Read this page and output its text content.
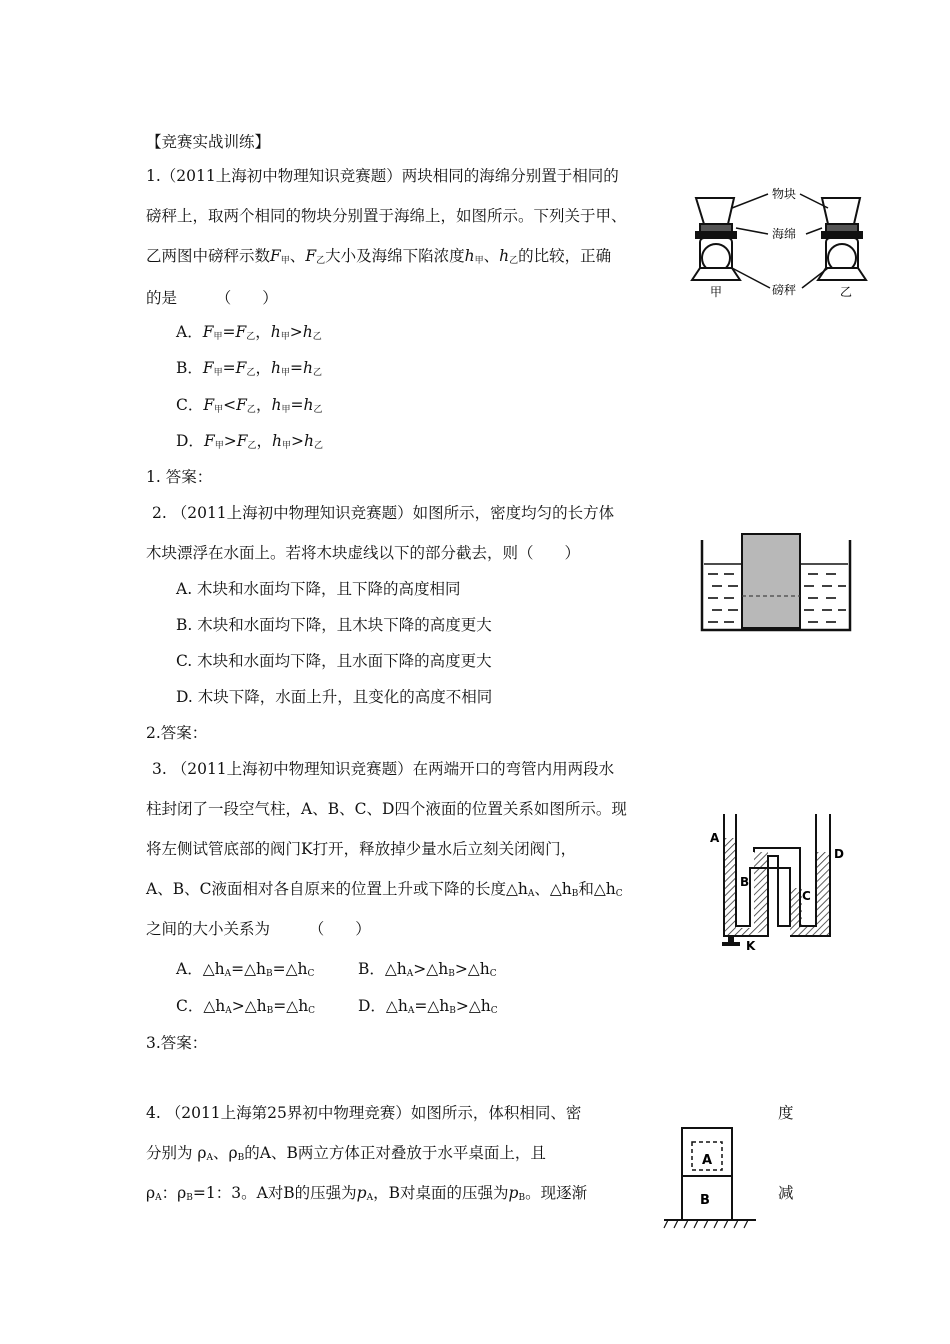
【竞赛实战训练】
1.（2011上海初中物理知识竞赛题）两块相同的海绵分别置于相同的
磅秤上，取两个相同的物块分别置于海绵上，如图所示。下列关于甲、
乙两图中磅秤示数$F_甲$、$F_乙$大小及海绵下陷浓度$h_甲$、$h_乙$的比较，正确
的是　　　（　　）
A．$F_甲=F_乙$，$h_甲>h_乙$
B．$F_甲=F_乙$，$h_甲=h_乙$
C．$F_甲<F_乙$，$h_甲=h_乙$
D．$F_甲>F_乙$，$h_甲>h_乙$
1. 答案：
物块
海绵
磅秤
甲	乙
2. （2011上海初中物理知识竞赛题）如图所示，密度均匀的长方体
木块漂浮在水面上。若将木块虚线以下的部分截去，则（　　）
A. 木块和水面均下降，且下降的高度相同
B. 木块和水面均下降，且木块下降的高度更大
C. 木块和水面均下降，且水面下降的高度更大
D. 木块下降，水面上升，且变化的高度不相同
2.答案：
3. （2011上海初中物理知识竞赛题）在两端开口的弯管内用两段水
柱封闭了一段空气柱，A、B、C、D四个液面的位置关系如图所示。现
将左侧试管底部的阀门K打开，释放掉少量水后立刻关闭阀门，
A、B、C液面相对各自原来的位置上升或下降的长度$\triangle h_A$、$\triangle h_B$和$\triangle h_C$
之间的大小关系为　　　（　　）
A．$\triangle h_A=\triangle h_B=\triangle h_C$	B．$\triangle h_A>\triangle h_B>\triangle h_C$
C．$\triangle h_A>\triangle h_B=\triangle h_C$	D．$\triangle h_A=\triangle h_B>\triangle h_C$
3.答案：
A
B
C
D
K
4. （2011上海第25界初中物理竞赛）如图所示，体积相同、密	度
分别为 $\rho_A$、$\rho_B$的A、B两立方体正对叠放于水平桌面上，且
$\rho_A$：$\rho_B=1$：3。A对B的压强为$p_A$，B对桌面的压强为$p_B$。现逐渐	减
A
B
